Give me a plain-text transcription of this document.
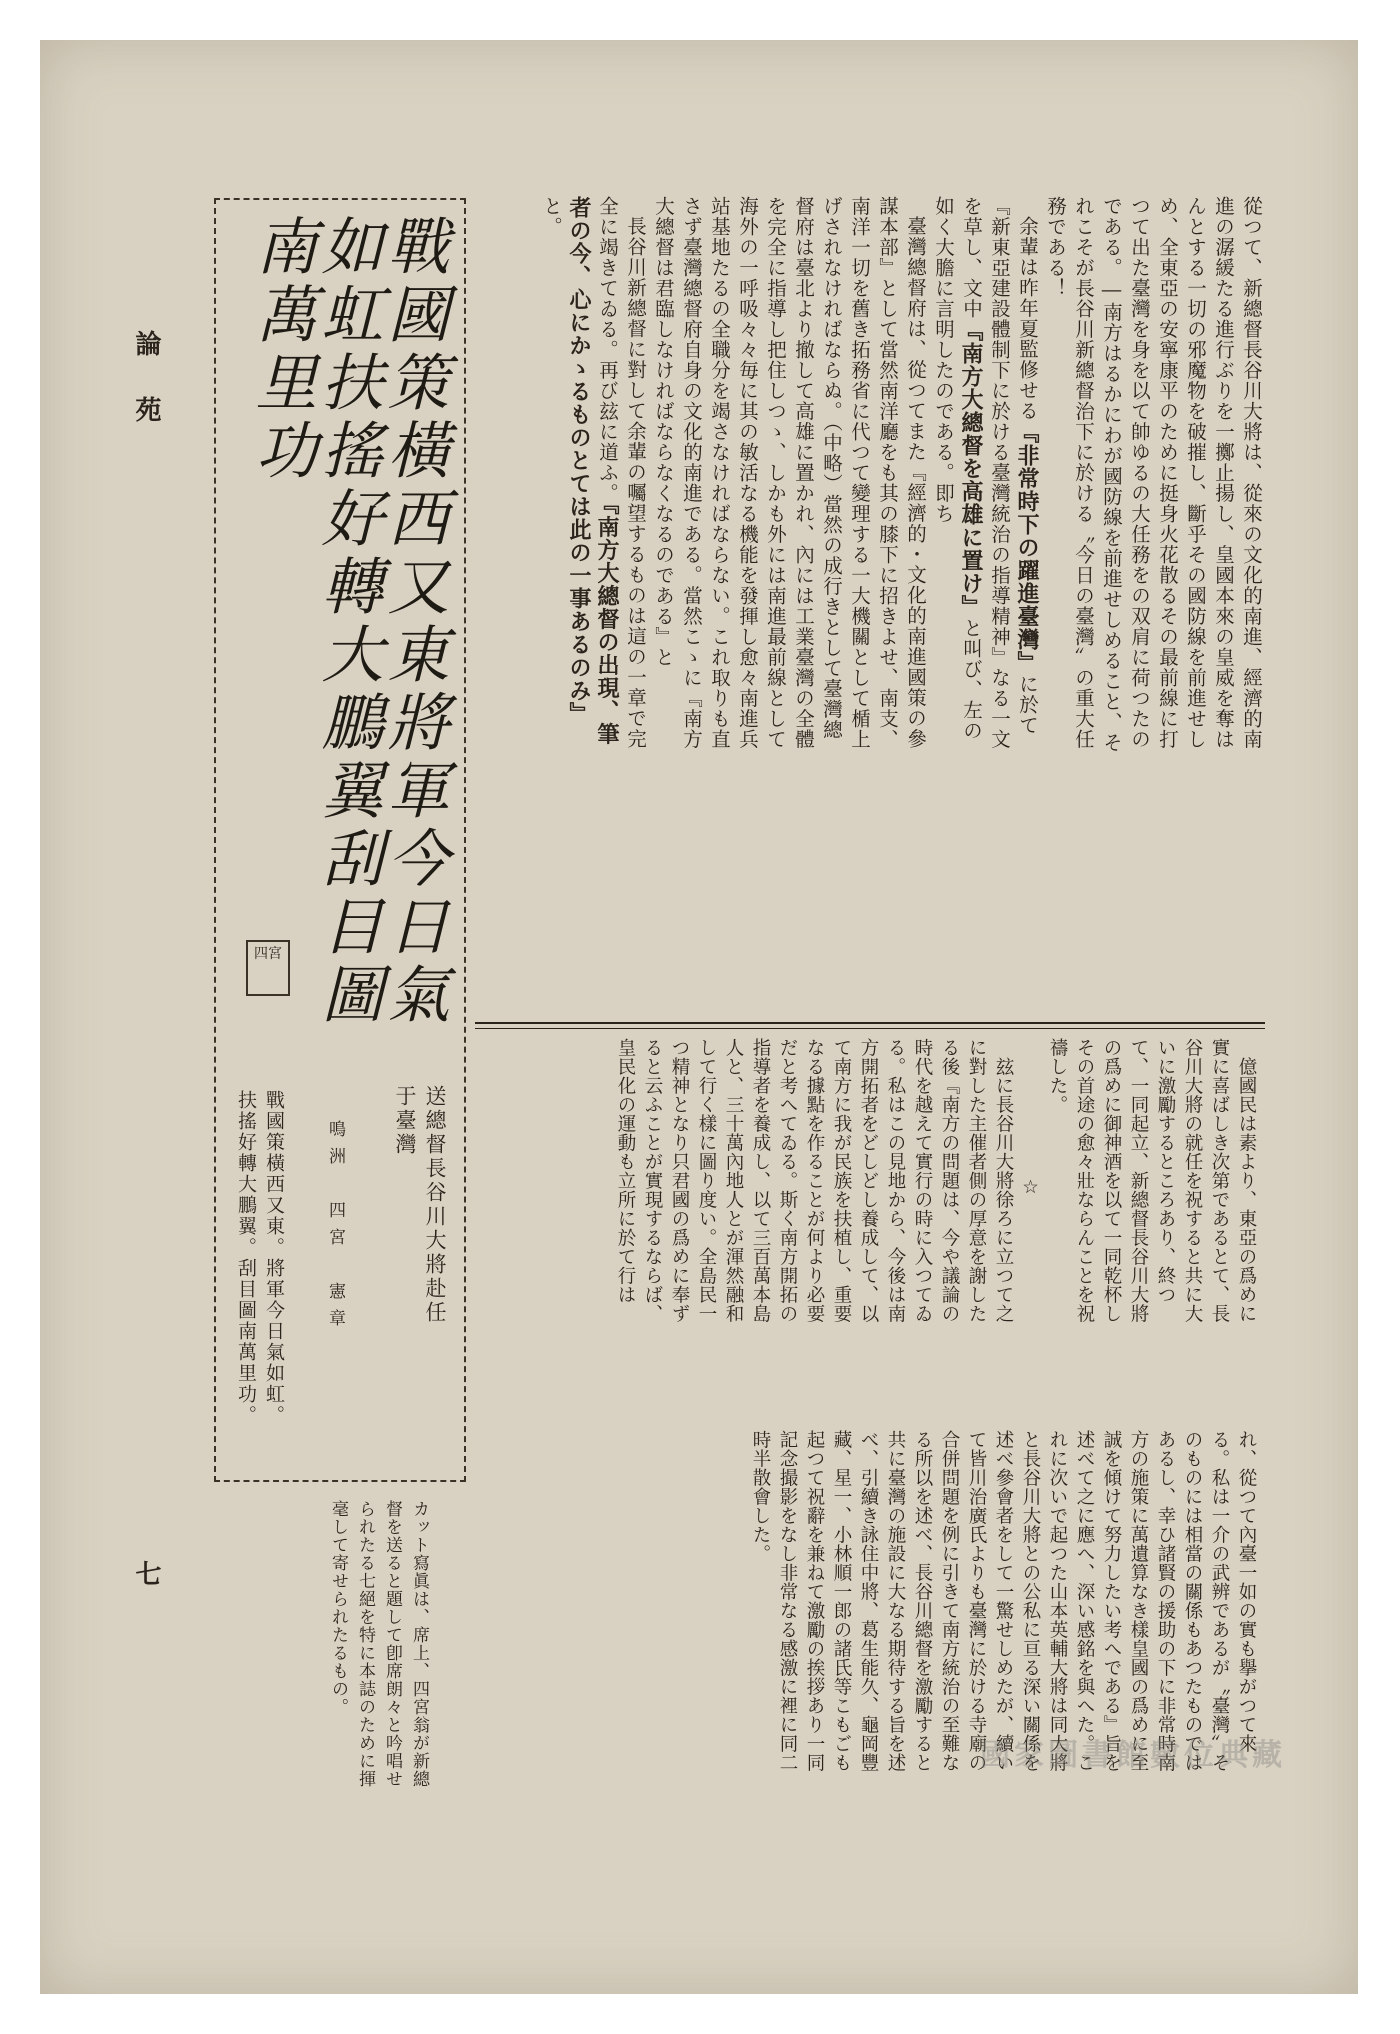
論苑
七

從つて、新總督長谷川大將は、從來の文化的南進、經濟的南進の潺緩たる進行ぶりを一擲止揚し、皇國本來の皇威を奪はんとする一切の邪魔物を破摧し、斷乎その國防線を前進せしめ、全東亞の安寧康平のために挺身火花散るその最前線に打つて出た臺灣を身を以て帥ゆるの大任務をの双肩に荷つたのである。―南方はるかにわが國防線を前進せしめること、それこそが長谷川新總督治下に於ける〝今日の臺灣〟の重大任務である！

余輩は昨年夏監修せる『非常時下の躍進臺灣』に於て『新東亞建設體制下に於ける臺灣統治の指導精神』なる一文を草し、文中『南方大總督を高雄に置け』と叫び、左の如く大膽に言明したのである。即ち

臺灣總督府は、從つてまた『經濟的・文化的南進國策の參謀本部』として當然南洋廳をも其の膝下に招きよせ、南支、南洋一切を舊き拓務省に代つて變理する一大機關として楯上げされなければならぬ。（中略）當然の成行きとして臺灣總督府は臺北より撤して高雄に置かれ、內には工業臺灣の全體を完全に指導し把住しつゝ、しかも外には南進最前線として海外の一呼吸々々毎に其の敏活なる機能を發揮し愈々南進兵站基地たるの全職分を竭さなければならない。これ取りも直さず臺灣總督府自身の文化的南進である。當然こゝに『南方大總督は君臨しなければならなくなるのである』と

長谷川新總督に對して余輩の囑望するものは這の一章で完全に竭きてゐる。再び玆に道ふ。『南方大總督の出現、筆者の今、心にかゝるものとては此の一事あるのみ』と。

億國民は素より、東亞の爲めに實に喜ばしき次第であるとて、長谷川大將の就任を祝すると共に大いに激勵するところあり、終つて、一同起立、新總督長谷川大將の爲めに御神酒を以て一同乾杯しその首途の愈々壯ならんことを祝禱した。

☆

玆に長谷川大將徐ろに立つて之に對した主催者側の厚意を謝したる後『南方の問題は、今や議論の時代を越えて實行の時に入つてゐる。私はこの見地から、今後は南方開拓者をどしどし養成して、以て南方に我が民族を扶植し、重要なる據點を作ることが何より必要だと考へてゐる。斯く南方開拓の指導者を養成し、以て三百萬本島人と、三十萬內地人とが渾然融和して行く樣に圖り度い。全島民一つ精神となり只君國の爲めに奉ずると云ふことが實現するならば、皇民化の運動も立所に於て行は

れ、從つて內臺一如の實も擧がつて來る。私は一介の武辨であるが〝臺灣〟そのものには相當の關係もあつたものではあるし、幸ひ諸賢の援助の下に非常時南方の施策に萬遺算なき樣皇國の爲めに至誠を傾けて努力したい考へである』旨を述べて之に應へ、深い感銘を與へた。これに次いで起つた山本英輔大將は同大將と長谷川大將との公私に亘る深い關係を述べ參會者をして一驚せしめたが、續いて皆川治廣氏よりも臺灣に於ける寺廟の合併問題を例に引きて南方統治の至難なる所以を述べ、長谷川總督を激勵すると共に臺灣の施設に大なる期待する旨を述べ、引續き詠住中將、葛生能久、龜岡豐藏、星一、小林順一郎の諸氏等こもごも起つて祝辭を兼ねて激勵の挨拶あり一同記念撮影をなし非常なる感激に裡に同二時半散會した。

戰國策橫西又東將軍今日氣如虹扶搖好轉大鵬翼刮目圖南萬里功
四宮
送總督長谷川大將赴任于臺灣
鳴洲　四宮　憲章
戰國策橫西又東。將軍今日氣如虹。
扶搖好轉大鵬翼。刮目圖南萬里功。
カット寫眞は、席上、四宮翁が新總督を送ると題して卽席朗々と吟唱せられたる七絕を特に本誌のために揮毫して寄せられたるもの。
國家圖書館數位典藏
